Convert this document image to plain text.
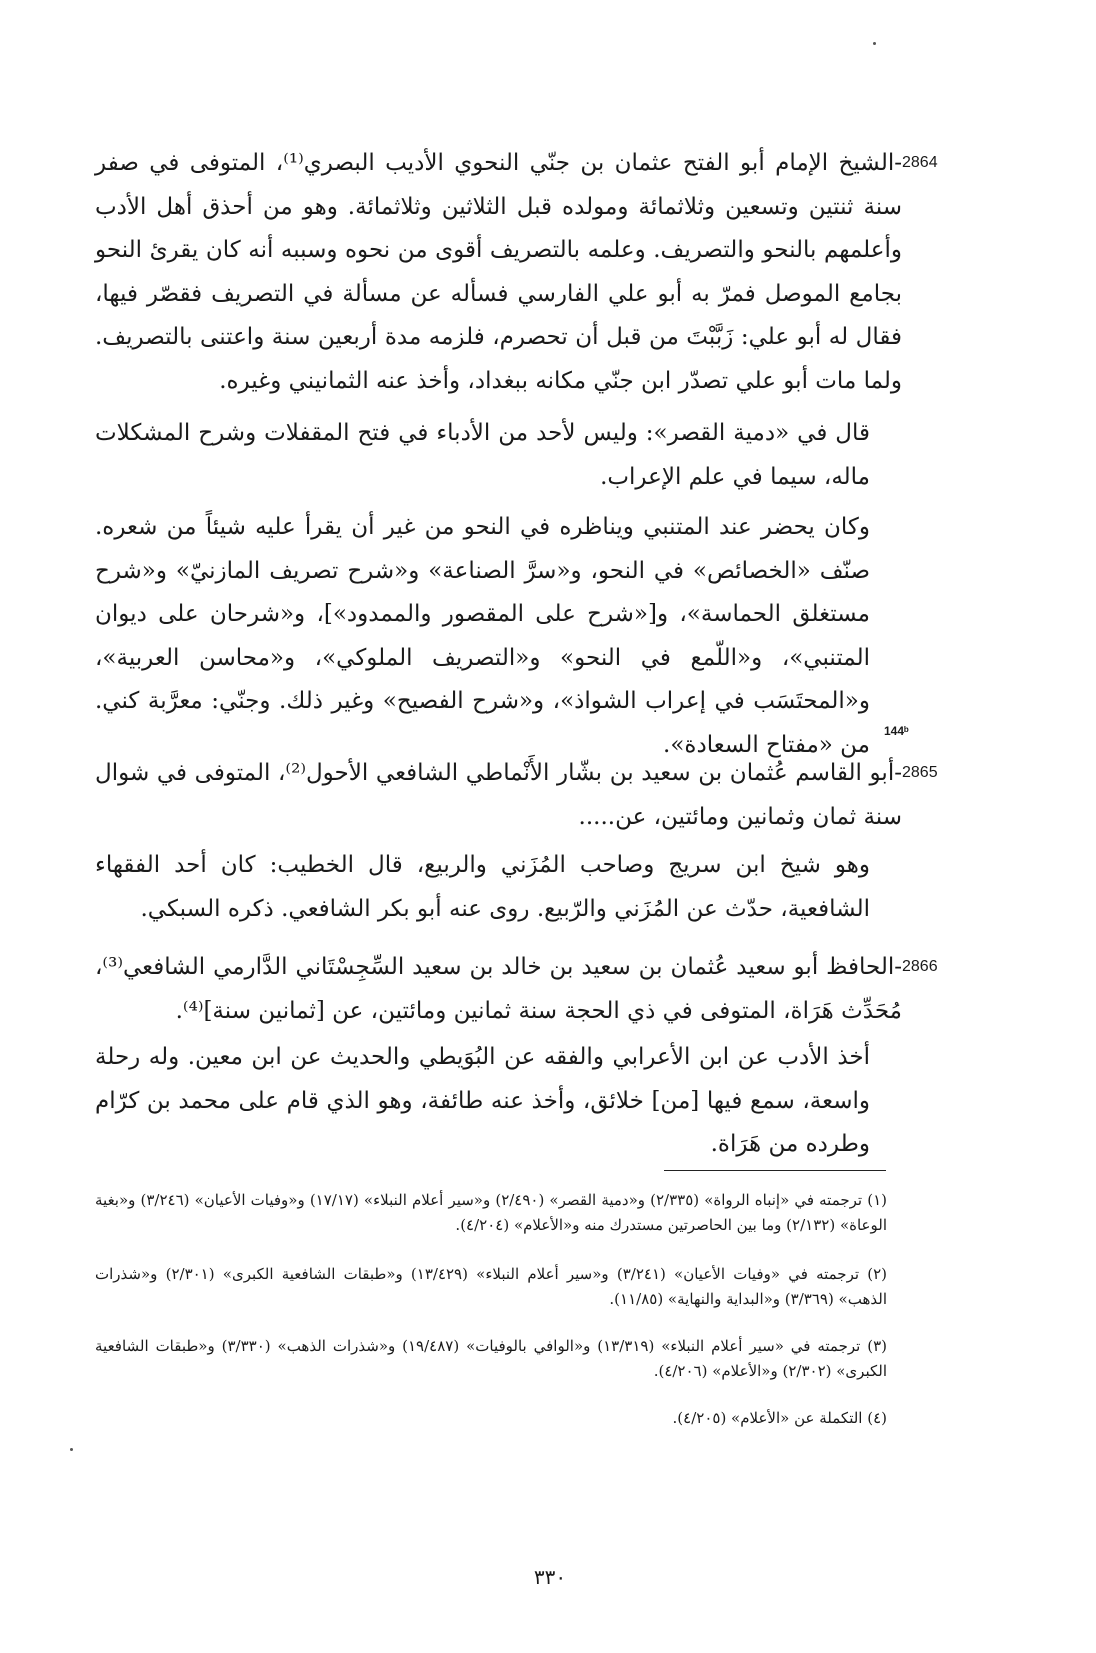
2864

-الشيخ الإمام أبو الفتح عثمان بن جنّي النحوي الأديب البصري⁽¹⁾، المتوفى في صفر سنة ثنتين وتسعين وثلاثمائة ومولده قبل الثلاثين وثلاثمائة. وهو من أحذق أهل الأدب وأعلمهم بالنحو والتصريف. وعلمه بالتصريف أقوى من نحوه وسببه أنه كان يقرئ النحو بجامع الموصل فمرّ به أبو علي الفارسي فسأله عن مسألة في التصريف فقصّر فيها، فقال له أبو علي: زَبَّبْتَ من قبل أن تحصرم، فلزمه مدة أربعين سنة واعتنى بالتصريف. ولما مات أبو علي تصدّر ابن جنّي مكانه ببغداد، وأخذ عنه الثمانيني وغيره.

قال في «دمية القصر»: وليس لأحد من الأدباء في فتح المقفلات وشرح المشكلات ماله، سيما في علم الإعراب.

وكان يحضر عند المتنبي ويناظره في النحو من غير أن يقرأ عليه شيئاً من شعره. صنّف «الخصائص» في النحو، و«سرَّ الصناعة» و«شرح تصريف المازنيّ» و«شرح مستغلق الحماسة»، و[«شرح على المقصور والممدود»]، و«شرحان على ديوان المتنبي»، و«اللّمع في النحو» و«التصريف الملوكي»، و«محاسن العربية»، و«المحتَسَب في إعراب الشواذ»، و«شرح الفصيح» وغير ذلك. وجنّي: معرَّبة كني. من «مفتاح السعادة».

144ᵇ
2865

-أبو القاسم عُثمان بن سعيد بن بشّار الأَنْماطي الشافعي الأحول⁽²⁾، المتوفى في شوال سنة ثمان وثمانين ومائتين، عن.....

وهو شيخ ابن سريج وصاحب المُزَني والربيع، قال الخطيب: كان أحد الفقهاء الشافعية، حدّث عن المُزَني والرّبيع. روى عنه أبو بكر الشافعي. ذكره السبكي.

2866

-الحافظ أبو سعيد عُثمان بن سعيد بن خالد بن سعيد السِّجِسْتَاني الدَّارمي الشافعي⁽³⁾، مُحَدِّث هَرَاة، المتوفى في ذي الحجة سنة ثمانين ومائتين، عن [ثمانين سنة]⁽⁴⁾.

أخذ الأدب عن ابن الأعرابي والفقه عن البُوَيطي والحديث عن ابن معين. وله رحلة واسعة، سمع فيها [من] خلائق، وأخذ عنه طائفة، وهو الذي قام على محمد بن كرّام وطرده من هَرَاة.

(١) ترجمته في «إنباه الرواة» (٢/٣٣٥) و«دمية القصر» (٢/٤٩٠) و«سير أعلام النبلاء» (١٧/١٧) و«وفيات الأعيان» (٣/٢٤٦) و«بغية الوعاة» (٢/١٣٢) وما بين الحاصرتين مستدرك منه و«الأعلام» (٤/٢٠٤).

(٢) ترجمته في «وفيات الأعيان» (٣/٢٤١) و«سير أعلام النبلاء» (١٣/٤٢٩) و«طبقات الشافعية الكبرى» (٢/٣٠١) و«شذرات الذهب» (٣/٣٦٩) و«البداية والنهاية» (١١/٨٥).

(٣) ترجمته في «سير أعلام النبلاء» (١٣/٣١٩) و«الوافي بالوفيات» (١٩/٤٨٧) و«شذرات الذهب» (٣/٣٣٠) و«طبقات الشافعية الكبرى» (٢/٣٠٢) و«الأعلام» (٤/٢٠٦).

(٤) التكملة عن «الأعلام» (٤/٢٠٥).

٣٣٠
